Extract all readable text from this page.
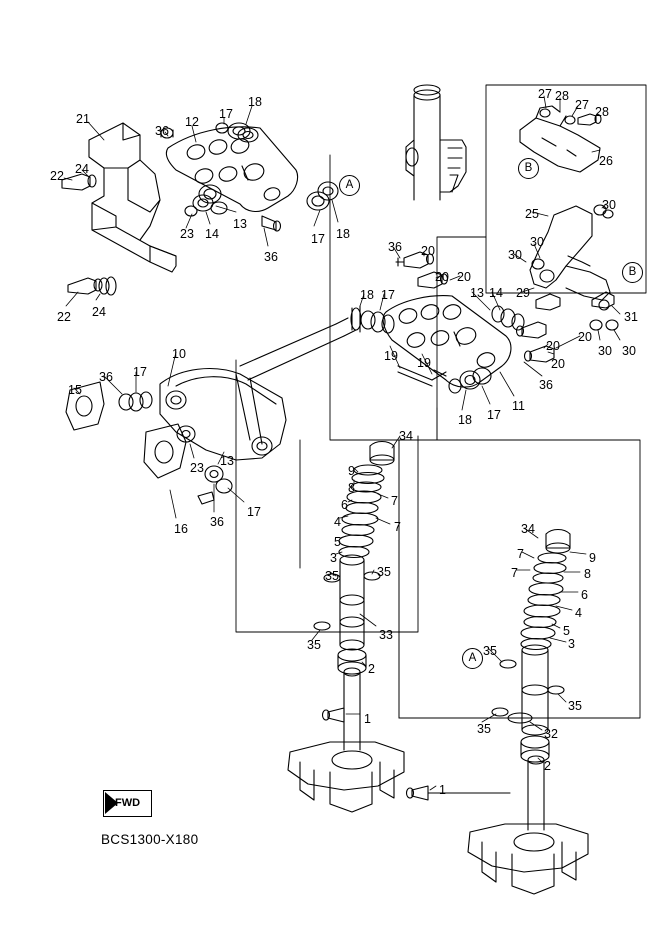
21
22 24
36
12
17
18
23 14
13
36
17 18
22 24
27 28
27 28
26
25
30
30
30
29
31
30 30
36 20
20 20
13 14
18 17
19 19
20
20
20
36
18 17
11
10
15
36 17
23 13
17
36
16
34
9
8
7
6
4	7
5
3
35	35
33
35
2
1
34
7	9
7	8
6
4
5
3
35
35
35	32
2
1
A
B
B
A
FWD
BCS1300-X180
